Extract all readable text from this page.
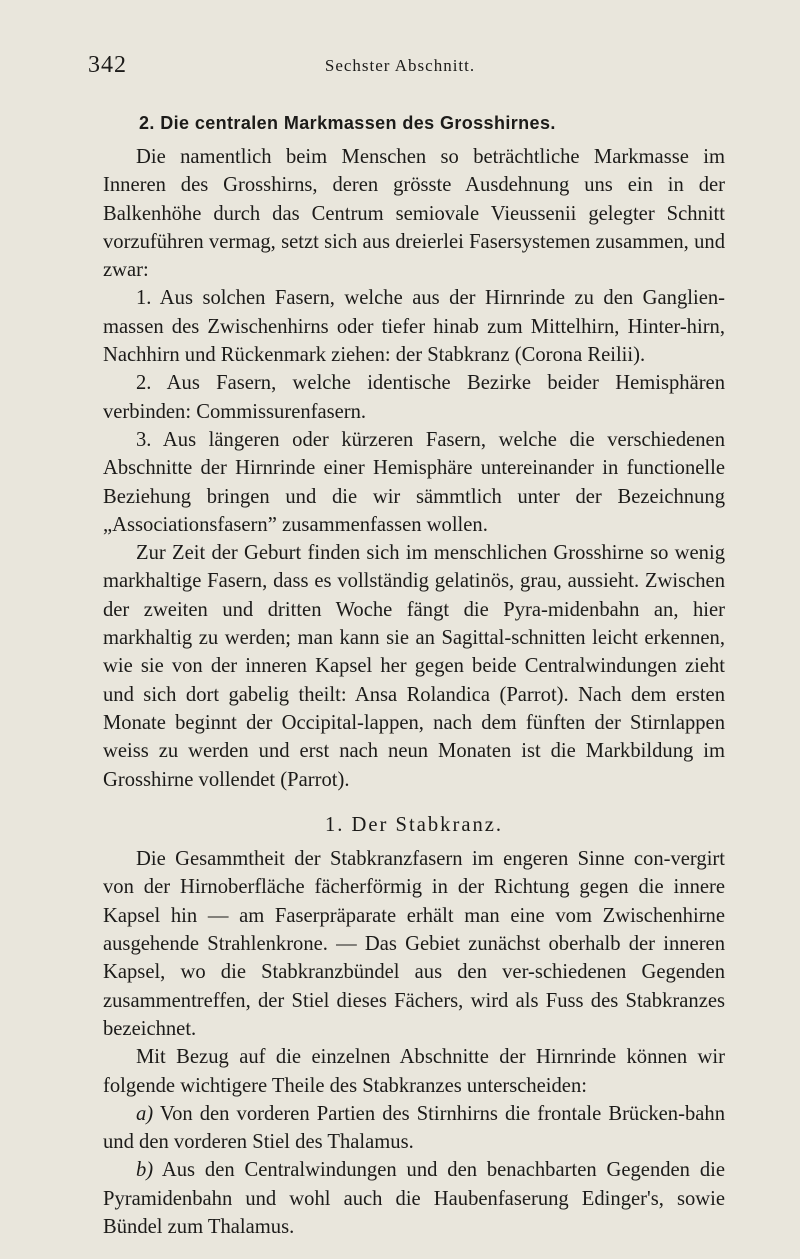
342	Sechster Abschnitt.
2. Die centralen Markmassen des Grosshirnes.

Die namentlich beim Menschen so beträchtliche Markmasse im Inneren des Grosshirns, deren grösste Ausdehnung uns ein in der Balkenhöhe durch das Centrum semiovale Vieussenii gelegter Schnitt vorzuführen vermag, setzt sich aus dreierlei Fasersystemen zusammen, und zwar:

1. Aus solchen Fasern, welche aus der Hirnrinde zu den Ganglien-massen des Zwischenhirns oder tiefer hinab zum Mittelhirn, Hinter-hirn, Nachhirn und Rückenmark ziehen: der Stabkranz (Corona Reilii).
2. Aus Fasern, welche identische Bezirke beider Hemisphären verbinden: Commissurenfasern.
3. Aus längeren oder kürzeren Fasern, welche die verschiedenen Abschnitte der Hirnrinde einer Hemisphäre untereinander in functionelle Beziehung bringen und die wir sämmtlich unter der Bezeichnung „Associationsfasern” zusammenfassen wollen.

Zur Zeit der Geburt finden sich im menschlichen Grosshirne so wenig markhaltige Fasern, dass es vollständig gelatinös, grau, aussieht. Zwischen der zweiten und dritten Woche fängt die Pyra-midenbahn an, hier markhaltig zu werden; man kann sie an Sagittal-schnitten leicht erkennen, wie sie von der inneren Kapsel her gegen beide Centralwindungen zieht und sich dort gabelig theilt: Ansa Rolandica (Parrot). Nach dem ersten Monate beginnt der Occipital-lappen, nach dem fünften der Stirnlappen weiss zu werden und erst nach neun Monaten ist die Markbildung im Grosshirne vollendet (Parrot).

1. Der Stabkranz.

Die Gesammtheit der Stabkranzfasern im engeren Sinne con-vergirt von der Hirnoberfläche fächerförmig in der Richtung gegen die innere Kapsel hin — am Faserpräparate erhält man eine vom Zwischenhirne ausgehende Strahlenkrone. — Das Gebiet zunächst oberhalb der inneren Kapsel, wo die Stabkranzbündel aus den ver-schiedenen Gegenden zusammentreffen, der Stiel dieses Fächers, wird als Fuss des Stabkranzes bezeichnet.

Mit Bezug auf die einzelnen Abschnitte der Hirnrinde können wir folgende wichtigere Theile des Stabkranzes unterscheiden:

a) Von den vorderen Partien des Stirnhirns die frontale Brücken-bahn und den vorderen Stiel des Thalamus.
b) Aus den Centralwindungen und den benachbarten Gegenden die Pyramidenbahn und wohl auch die Haubenfaserung Edinger's, sowie Bündel zum Thalamus.
